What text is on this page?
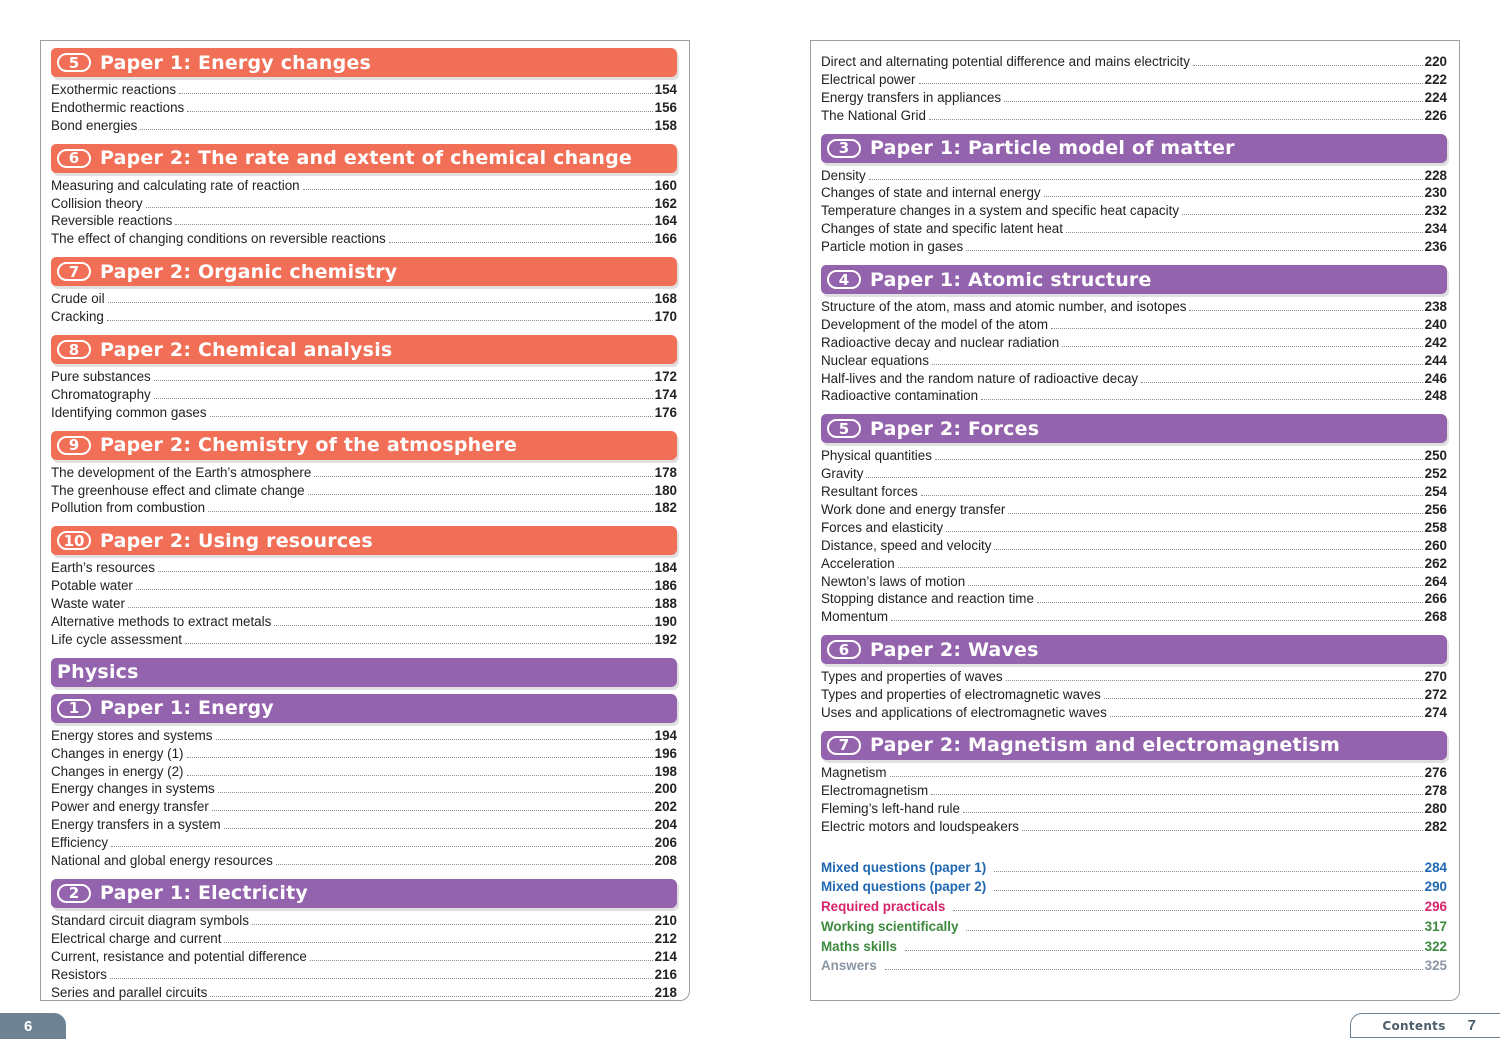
5	Paper 1: Energy changes
Exothermic reactions	154
Endothermic reactions	156
Bond energies	158
6	Paper 2: The rate and extent of chemical change
Measuring and calculating rate of reaction	160
Collision theory	162
Reversible reactions	164
The effect of changing conditions on reversible reactions	166
7	Paper 2: Organic chemistry
Crude oil	168
Cracking	170
8	Paper 2: Chemical analysis
Pure substances	172
Chromatography	174
Identifying common gases	176
9	Paper 2: Chemistry of the atmosphere
The development of the Earth’s atmosphere	178
The greenhouse effect and climate change	180
Pollution from combustion	182
10 Paper 2: Using resources
Earth’s resources	184
Potable water	186
Waste water	188
Alternative methods to extract metals	190
Life cycle assessment	192
Physics
1	Paper 1: Energy
Energy stores and systems	194
Changes in energy (1)	196
Changes in energy (2)	198
Energy changes in systems	200
Power and energy transfer	202
Energy transfers in a system	204
Efficiency	206
National and global energy resources	208
2	Paper 1: Electricity
Standard circuit diagram symbols	210
Electrical charge and current	212
Current, resistance and potential difference	214
Resistors	216
Series and parallel circuits	218
Direct and alternating potential difference and mains electricity	220
Electrical power	222
Energy transfers in appliances	224
The National Grid	226
3	Paper 1: Particle model of matter
Density	228
Changes of state and internal energy	230
Temperature changes in a system and specific heat capacity	232
Changes of state and specific latent heat	234
Particle motion in gases	236
4	Paper 1: Atomic structure
Structure of the atom, mass and atomic number, and isotopes	238
Development of the model of the atom	240
Radioactive decay and nuclear radiation	242
Nuclear equations	244
Half-lives and the random nature of radioactive decay	246
Radioactive contamination	248
5	Paper 2: Forces
Physical quantities	250
Gravity	252
Resultant forces	254
Work done and energy transfer	256
Forces and elasticity	258
Distance, speed and velocity	260
Acceleration	262
Newton’s laws of motion	264
Stopping distance and reaction time	266
Momentum	268
6	Paper 2: Waves
Types and properties of waves	270
Types and properties of electromagnetic waves	272
Uses and applications of electromagnetic waves	274
7	Paper 2: Magnetism and electromagnetism
Magnetism	276
Electromagnetism	278
Fleming’s left-hand rule	280
Electric motors and loudspeakers	282
Mixed questions (paper 1)	284
Mixed questions (paper 2)	290
Required practicals	296
Working scientifically	317
Maths skills	322
Answers	325
6	Contents 7
